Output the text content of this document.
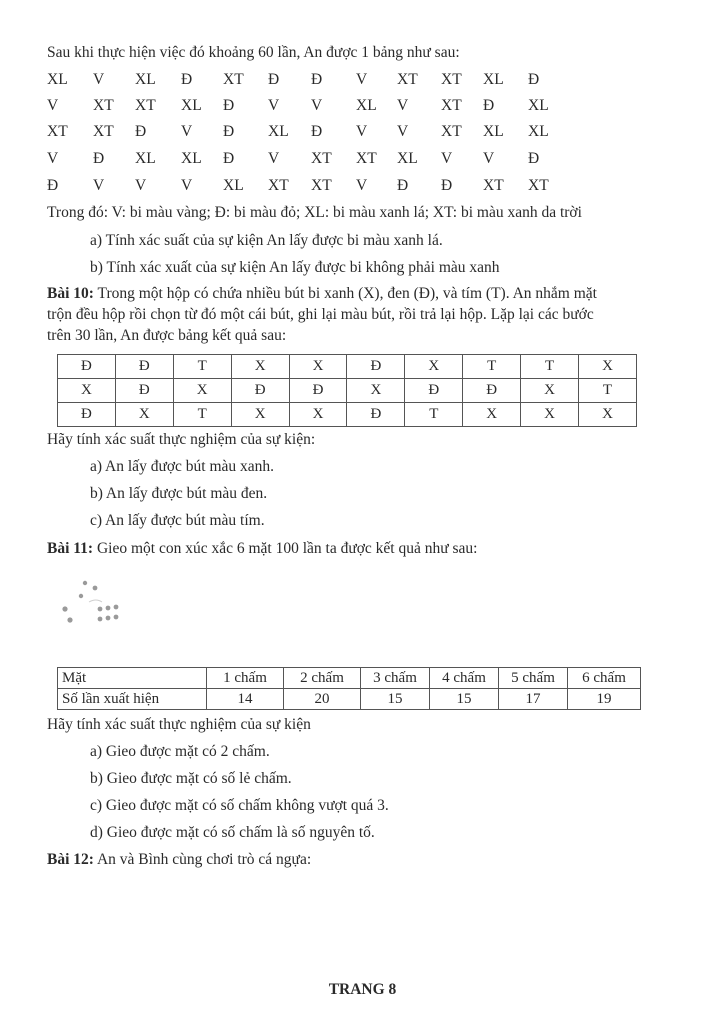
Sau khi thực hiện việc đó khoảng 60 lần, An được 1 bảng như sau:
XL V XL Đ XT Đ Đ V XT XT XL Đ
V XT XT XL Đ V V XL V XT Đ XL
XT XT Đ V Đ XL Đ V V XT XL XL
V Đ XL XL Đ V XT XT XL V V Đ
Đ V V V XL XT XT V Đ Đ XT XT
Trong đó: V: bi màu vàng; Đ: bi màu đỏ; XL: bi màu xanh lá; XT: bi màu xanh da trời
a) Tính xác suất của sự kiện An lấy được bi màu xanh lá.
b) Tính xác xuất của sự kiện An lấy được bi không phải màu xanh
Bài 10: Trong một hộp có chứa nhiều bút bi xanh (X), đen (Đ), và tím (T). An nhắm mặt
trộn đều hộp rồi chọn từ đó một cái bút, ghi lại màu bút, rồi trả lại hộp. Lặp lại các bước
trên 30 lần, An được bảng kết quả sau:
Đ	Đ	T	X	X	Đ	X	T	T	X
X	Đ	X	Đ	Đ	X	Đ	Đ	X	T
Đ	X	T	X	X	Đ	T	X	X	X
Hãy tính xác suất thực nghiệm của sự kiện:
a) An lấy được bút màu xanh.
b) An lấy được bút màu đen.
c) An lấy được bút màu tím.
Bài 11: Gieo một con xúc xắc 6 mặt 100 lần ta được kết quả như sau:
Mặt	1 chấm	2 chấm	3 chấm	4 chấm	5 chấm	6 chấm
Số lần xuất hiện	14	20	15	15	17	19
Hãy tính xác suất thực nghiệm của sự kiện
a) Gieo được mặt có 2 chấm.
b) Gieo được mặt có số lẻ chấm.
c) Gieo được mặt có số chấm không vượt quá 3.
d) Gieo được mặt có số chấm là số nguyên tố.
Bài 12: An và Bình cùng chơi trò cá ngựa:
TRANG 8
